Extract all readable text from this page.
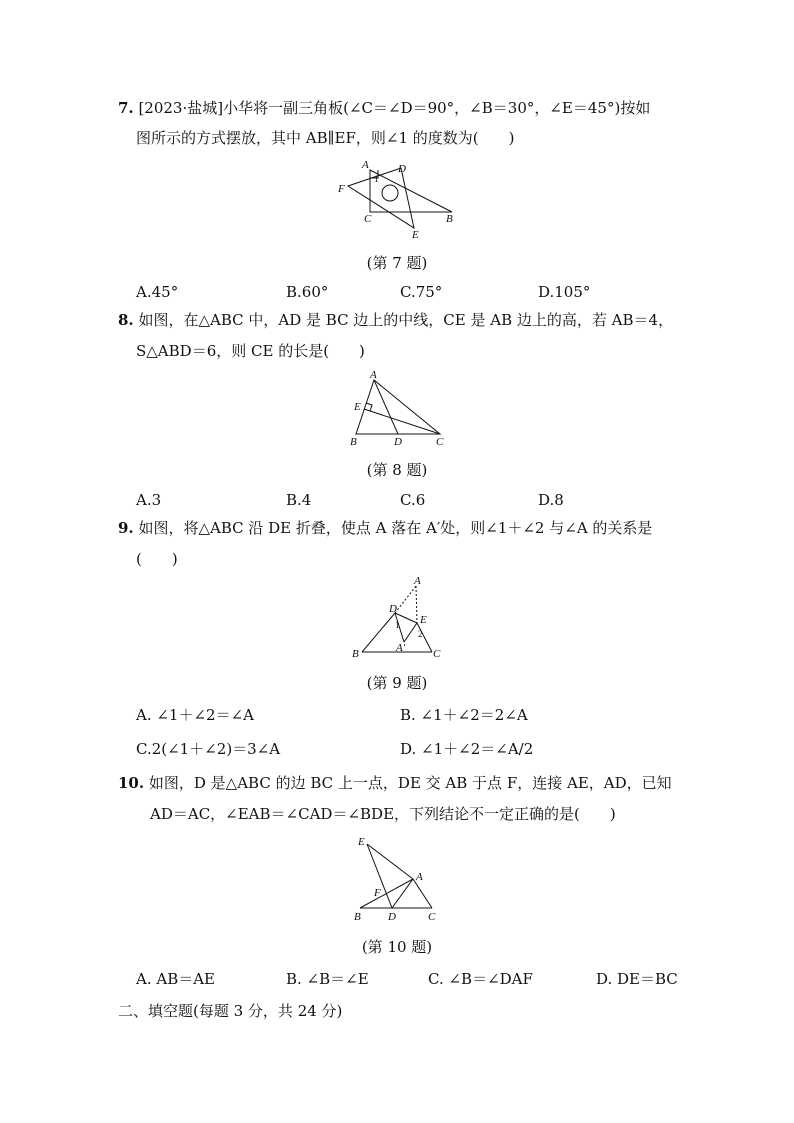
7. [2023·盐城]小华将一副三角板(∠C＝∠D＝90°，∠B＝30°，∠E＝45°)按如
图所示的方式摆放，其中 AB∥EF，则∠1 的度数为(　　)
A	D
F
1
C	B
E
(第 7 题)
A.45°	B.60°	C.75°	D.105°
8. 如图，在△ABC 中，AD 是 BC 边上的中线，CE 是 AB 边上的高，若 AB＝4，
S△ABD＝6，则 CE 的长是(　　)
A
E
B	D	C
(第 8 题)
A.3	B.4	C.6	D.8
9. 如图，将△ABC 沿 DE 折叠，使点 A 落在 A′处，则∠1＋∠2 与∠A 的关系是
(　　)
A
D
E
1
2
B	A′	C
(第 9 题)
A. ∠1＋∠2＝∠A	B. ∠1＋∠2＝2∠A
C.2(∠1＋∠2)＝3∠A	D. ∠1＋∠2＝∠A/2
10. 如图，D 是△ABC 的边 BC 上一点，DE 交 AB 于点 F，连接 AE，AD，已知
AD＝AC，∠EAB＝∠CAD＝∠BDE，下列结论不一定正确的是(　　)
E
A
F
B D	C
(第 10 题)
A. AB＝AE	B. ∠B＝∠E	C. ∠B＝∠DAF	D. DE＝BC
二、填空题(每题 3 分，共 24 分)
